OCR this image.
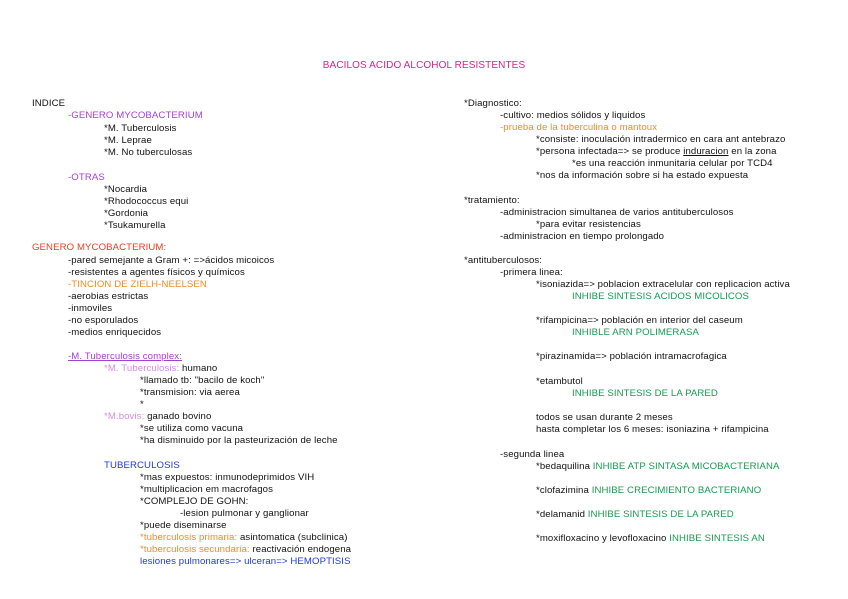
BACILOS ACIDO ALCOHOL RESISTENTES
INDICE
-GENERO MYCOBACTERIUM
*M. Tuberculosis
*M. Leprae
*M. No tuberculosas
-OTRAS
*Nocardia
*Rhodococcus equi
*Gordonia
*Tsukamurella
GENERO MYCOBACTERIUM:
-pared semejante a Gram +: =>ácidos micoicos
-resistentes a agentes físicos y químicos
-TINCION DE ZIELH-NEELSEN
-aerobias estrictas
-inmoviles
-no esporulados
-medios enriquecidos
-M. Tuberculosis complex:
*M. Tuberculosis: humano
*llamado tb: "bacilo de koch"
*transmision: via aerea
*
*M.bovis: ganado bovino
*se utiliza como vacuna
*ha disminuido por la pasteurización de leche
TUBERCULOSIS
*mas expuestos: inmunodeprimidos VIH
*multiplicacion em macrofagos
*COMPLEJO DE GOHN:
-lesion pulmonar y ganglionar
*puede diseminarse
*tuberculosis primaria: asintomatica (subclinica)
*tuberculosis secundaria: reactivación endogena
lesiones pulmonares=> ulceran=> HEMOPTISIS
*Diagnostico:
-cultivo: medios sólidos y liquidos
-prueba de la tuberculina o mantoux
*consiste: inoculación intradermico en cara ant antebrazo
*persona infectada=> se produce induracion en la zona
*es una reacción inmunitaria celular por TCD4
*nos da información sobre si ha estado expuesta
*tratamiento:
-administracion simultanea de varios antituberculosos
*para evitar resistencias
-administracion en tiempo prolongado
*antituberculosos:
-primera linea:
*isoniazida=> poblacion extracelular con replicacion activa
INHIBE SINTESIS ACIDOS MICOLICOS
*rifampicina=> población en interior del caseum
INHIBLE ARN POLIMERASA
*pirazinamida=> población intramacrofagica
*etambutol
INHIBE SINTESIS DE LA PARED
todos se usan durante 2 meses
hasta completar los 6 meses: isoniazina + rifampicina
-segunda linea
*bedaquilina INHIBE ATP SINTASA MICOBACTERIANA
*clofazimina INHIBE CRECIMIENTO BACTERIANO
*delamanid INHIBE SINTESIS DE LA PARED
*moxifloxacino y levofloxacino INHIBE SINTESIS AN
